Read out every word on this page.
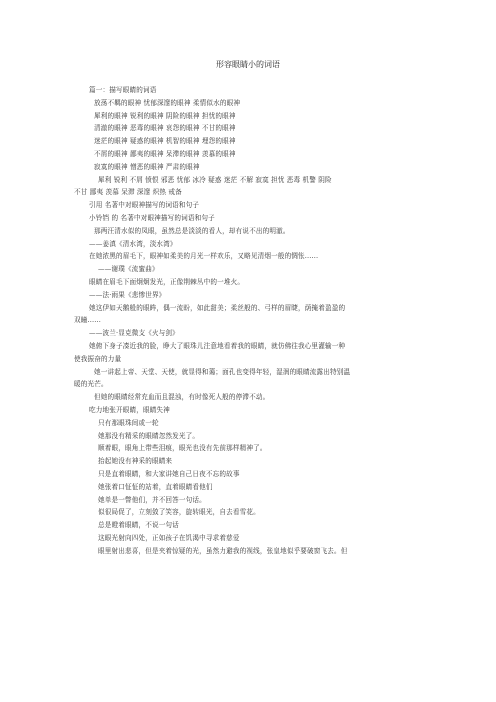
形容眼睛小的词语
篇一：描写眼睛的词语
放荡不羁的眼神 忧郁深邃的眼神 柔情似水的眼神
犀利的眼神 锐利的眼神 阴险的眼神 担忧的眼神
清澈的眼神 恶毒的眼神 哀怨的眼神 不甘的眼神
迷茫的眼神 疑惑的眼神 机智的眼神 埋怨的眼神
不屑的眼神 鄙夷的眼神 呆滞的眼神 羡慕的眼神
寂寞的眼神 憎恶的眼神 严肃的眼神
犀利 锐利 不屑 愤恨 邪恶 忧郁 冰冷 疑惑 迷茫 不解 寂寞 担忧 恶毒 机警 阴险
不甘 鄙夷 羡慕 呆滞 深邃 炽热 戒备
引用 名著中对眼神描写的词语和句子
小铃铛 的 名著中对眼神描写的词语和句子
那两汪清水似的凤眼，虽然总是淡淡的看人，却有说不出的明澈。
——姜滇《清水湾，淡水湾》
在她浓黑的眉毛下，眼神如柔美的月光一样欢乐，又略见清烟一般的惆怅......
——谢璞《流蜜曲》
眼睛在眉毛下面炯炯发光，正像荆棘丛中的一堆火。
——法·雨果《悲惨世界》
她这伊如天鹅般的眼眸，偶一流盼，如此甜美；柔丝般的、弓样的眉睫，荫掩着盈盈的
双瞳......
——波兰·显克微支《火与剑》
她俯下身子凑近我的脸，睁大了眼珠儿注意地看着我的眼睛，就仿佛往我心里灌输一种
使我振奋的力量
她一讲起上帝、天堂、天使，就显得和蔼；面孔也变得年轻，湿润的眼睛流露出特别温
暖的光芒。
但她的眼睛经常充血而且混浊，有时像死人般的停滞不动。
吃力地张开眼睛，眼睛失神
只有那眼珠间或一轮
她那没有精采的眼睛忽然发光了。
顺着眼，眼角上带些泪痕，眼光也没有先前那样精神了。
抬起她没有神采的眼睛来
只是直着眼睛，和大家讲她自己日夜不忘的故事
她张着口怔怔的站着，直着眼睛看他们
她单是一瞥他们，并不回答一句话。
似很局促了，立刻敛了笑容，旋转眼光，自去看雪花。
总是瞪着眼睛，不说一句话
这眼光射向四处，正如孩子在饥渴中寻求着慈爱
眼里射出悲喜，但是夹着惊疑的光，虽然力避我的视线，张皇地似乎要破窗飞去。但
